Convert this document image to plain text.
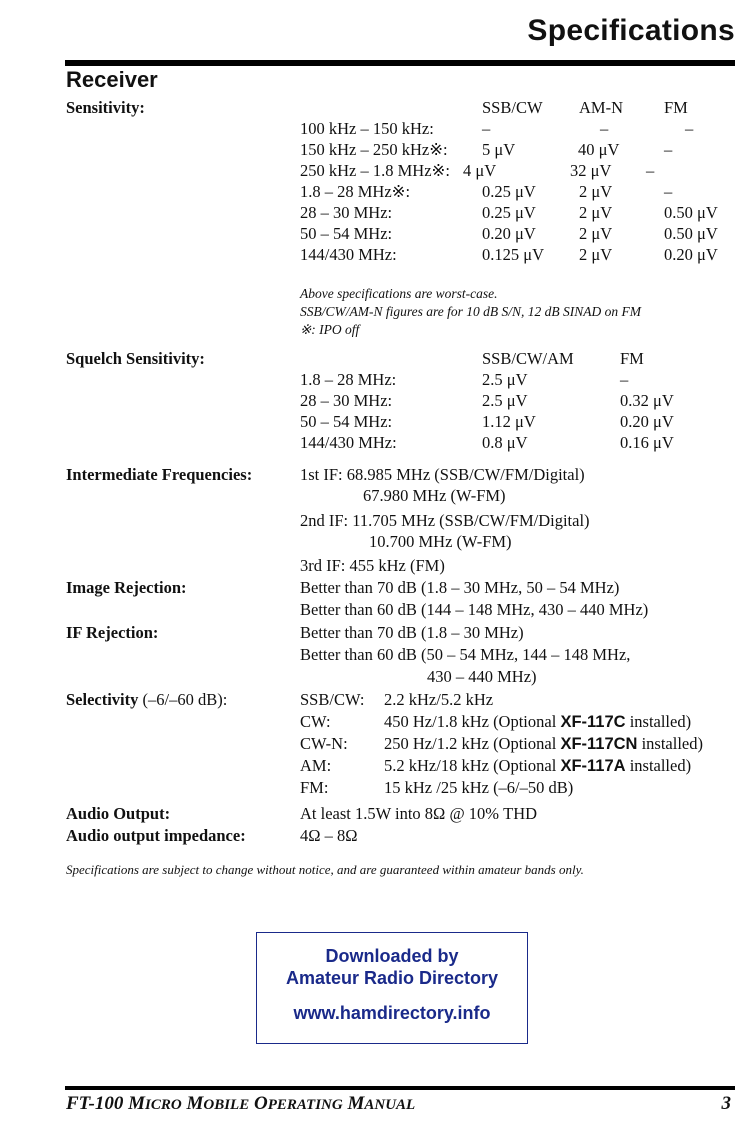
Specifications
Receiver
Sensitivity:	SSB/CW AM-N FM
100 kHz – 150 kHz:	–	–	–
150 kHz – 250 kHz※: 5 μV	40 μV	–
250 kHz – 1.8 MHz※: 4 μV	32 μV –
1.8 – 28 MHz※:	0.25 μV	2 μV	–
28 – 30 MHz:	0.25 μV	2 μV	0.50 μV
50 – 54 MHz:	0.20 μV	2 μV	0.50 μV
144/430 MHz:	0.125 μV 2 μV	0.20 μV
Above specifications are worst-case.
SSB/CW/AM-N figures are for 10 dB S/N, 12 dB SINAD on FM
※: IPO off
Squelch Sensitivity:	SSB/CW/AM	FM
1.8 – 28 MHz:	2.5 μV	–
28 – 30 MHz:	2.5 μV	0.32 μV
50 – 54 MHz:	1.12 μV	0.20 μV
144/430 MHz:	0.8 μV	0.16 μV
Intermediate Frequencies:	1st IF: 68.985 MHz (SSB/CW/FM/Digital)
67.980 MHz (W-FM)
2nd IF: 11.705 MHz (SSB/CW/FM/Digital)
10.700 MHz (W-FM)
3rd IF: 455 kHz (FM)
Image Rejection:	Better than 70 dB (1.8 – 30 MHz, 50 – 54 MHz)
Better than 60 dB (144 – 148 MHz, 430 – 440 MHz)
IF Rejection:	Better than 70 dB (1.8 – 30 MHz)
Better than 60 dB (50 – 54 MHz, 144 – 148 MHz,
430 – 440 MHz)
Selectivity (–6/–60 dB):	SSB/CW: 2.2 kHz/5.2 kHz
CW:	450 Hz/1.8 kHz (Optional XF-117C installed)
CW-N: 250 Hz/1.2 kHz (Optional XF-117CN installed)
AM:	5.2 kHz/18 kHz (Optional XF-117A installed)
FM:	15 kHz /25 kHz (–6/–50 dB)
Audio Output:	At least 1.5W into 8Ω @ 10% THD
Audio output impedance:	4Ω – 8Ω
Specifications are subject to change without notice, and are guaranteed within amateur bands only.
Downloaded by
Amateur Radio Directory
www.hamdirectory.info
FT-100 MICRO MOBILE OPERATING MANUAL	3
